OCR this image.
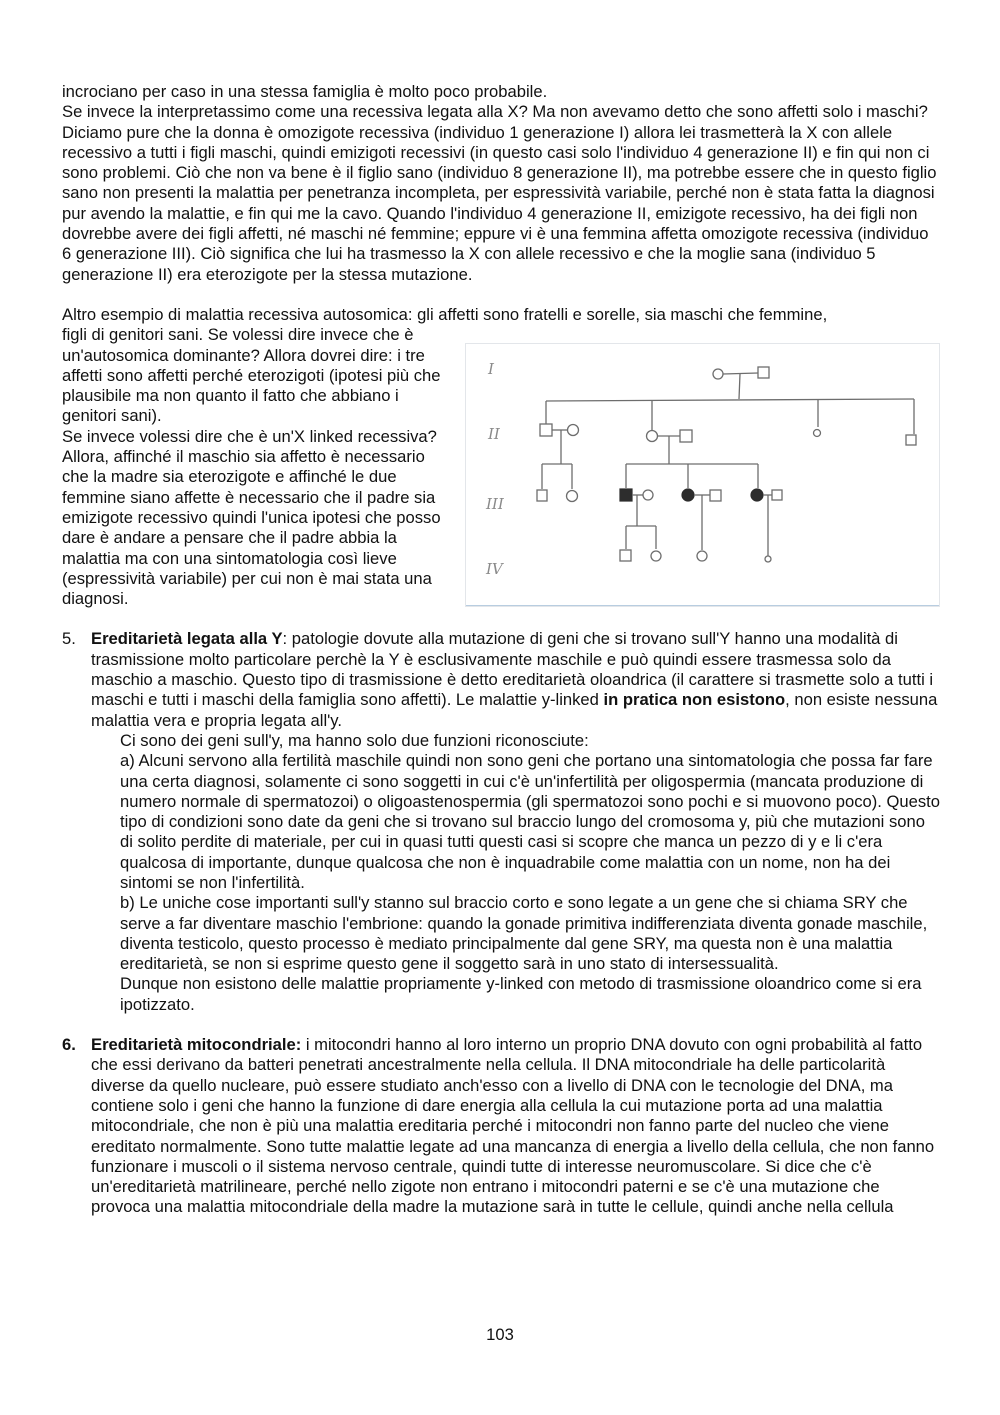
incrociano per caso in una stessa famiglia è molto poco probabile.

Se invece la interpretassimo come una recessiva legata alla X? Ma non avevamo detto che sono affetti solo i maschi? Diciamo pure che la donna è omozigote recessiva (individuo 1 generazione I) allora lei trasmetterà la X con allele recessivo a tutti i figli maschi, quindi emizigoti recessivi (in questo casi solo l'individuo 4 generazione II) e fin qui non ci sono problemi. Ciò che non va bene è il figlio sano (individuo 8 generazione II), ma potrebbe essere che in questo figlio sano non presenti la malattia per penetranza incompleta, per espressività variabile, perché non è stata fatta la diagnosi pur avendo la malattie, e fin qui me la cavo. Quando l'individuo 4 generazione II, emizigote recessivo, ha dei figli non dovrebbe avere dei figli affetti, né maschi né femmine; eppure vi è una femmina affetta omozigote recessiva (individuo 6 generazione III). Ciò significa che lui ha trasmesso la X con allele recessivo e che la moglie sana (individuo 5 generazione II) era eterozigote per la stessa mutazione.

Altro esempio di malattia recessiva autosomica: gli affetti sono fratelli e sorelle, sia maschi che femmine,

figli di genitori sani. Se volessi dire invece che è un'autosomica dominante? Allora dovrei dire: i tre affetti sono affetti perché eterozigoti (ipotesi più che plausibile ma non quanto il fatto che abbiano i genitori sani).

Se invece volessi dire che è un'X linked recessiva? Allora, affinché il maschio sia affetto è necessario che la madre sia eterozigote e affinché le due femmine siano affette è necessario che il padre sia emizigote recessivo quindi l'unica ipotesi che posso dare è andare a pensare che il padre abbia la malattia ma con una sintomatologia così lieve (espressività variabile) per cui non è mai stata una diagnosi.

I
II
III
IV
5. Ereditarietà legata alla Y: patologie dovute alla mutazione di geni che si trovano sull'Y hanno una modalità di trasmissione molto particolare perchè la Y è esclusivamente maschile e può quindi essere trasmessa solo da maschio a maschio. Questo tipo di trasmissione è detto ereditarietà oloandrica (il carattere si trasmette solo a tutti i maschi e tutti i maschi della famiglia sono affetti). Le malattie y-linked in pratica non esistono, non esiste nessuna malattia vera e propria legata all'y.

Ci sono dei geni sull'y, ma hanno solo due funzioni riconosciute:

a) Alcuni servono alla fertilità maschile quindi non sono geni che portano una sintomatologia che possa far fare una certa diagnosi, solamente ci sono soggetti in cui c'è un'infertilità per oligospermia (mancata produzione di numero normale di spermatozoi) o oligoastenospermia (gli spermatozoi sono pochi e si muovono poco). Questo tipo di condizioni sono date da geni che si trovano sul braccio lungo del cromosoma y, più che mutazioni sono di solito perdite di materiale, per cui in quasi tutti questi casi si scopre che manca un pezzo di y e li c'era qualcosa di importante, dunque qualcosa che non è inquadrabile come malattia con un nome, non ha dei sintomi se non l'infertilità.

b) Le uniche cose importanti sull'y stanno sul braccio corto e sono legate a un gene che si chiama SRY che serve a far diventare maschio l'embrione: quando la gonade primitiva indifferenziata diventa gonade maschile, diventa testicolo, questo processo è mediato principalmente dal gene SRY, ma questa non è una malattia ereditarietà, se non si esprime questo gene il soggetto sarà in uno stato di intersessualità.

Dunque non esistono delle malattie propriamente y-linked con metodo di trasmissione oloandrico come si era ipotizzato.

6. Ereditarietà mitocondriale: i mitocondri hanno al loro interno un proprio DNA dovuto con ogni probabilità al fatto che essi derivano da batteri penetrati ancestralmente nella cellula. Il DNA mitocondriale ha delle particolarità diverse da quello nucleare, può essere studiato anch'esso con a livello di DNA con le tecnologie del DNA, ma contiene solo i geni che hanno la funzione di dare energia alla cellula la cui mutazione porta ad una malattia mitocondriale, che non è più una malattia ereditaria perché i mitocondri non fanno parte del nucleo che viene ereditato normalmente. Sono tutte malattie legate ad una mancanza di energia a livello della cellula, che non fanno funzionare i muscoli o il sistema nervoso centrale, quindi tutte di interesse neuromuscolare. Si dice che c'è un'ereditarietà matrilineare, perché nello zigote non entrano i mitocondri paterni e se c'è una mutazione che provoca una malattia mitocondriale della madre la mutazione sarà in tutte le cellule, quindi anche nella cellula

103
